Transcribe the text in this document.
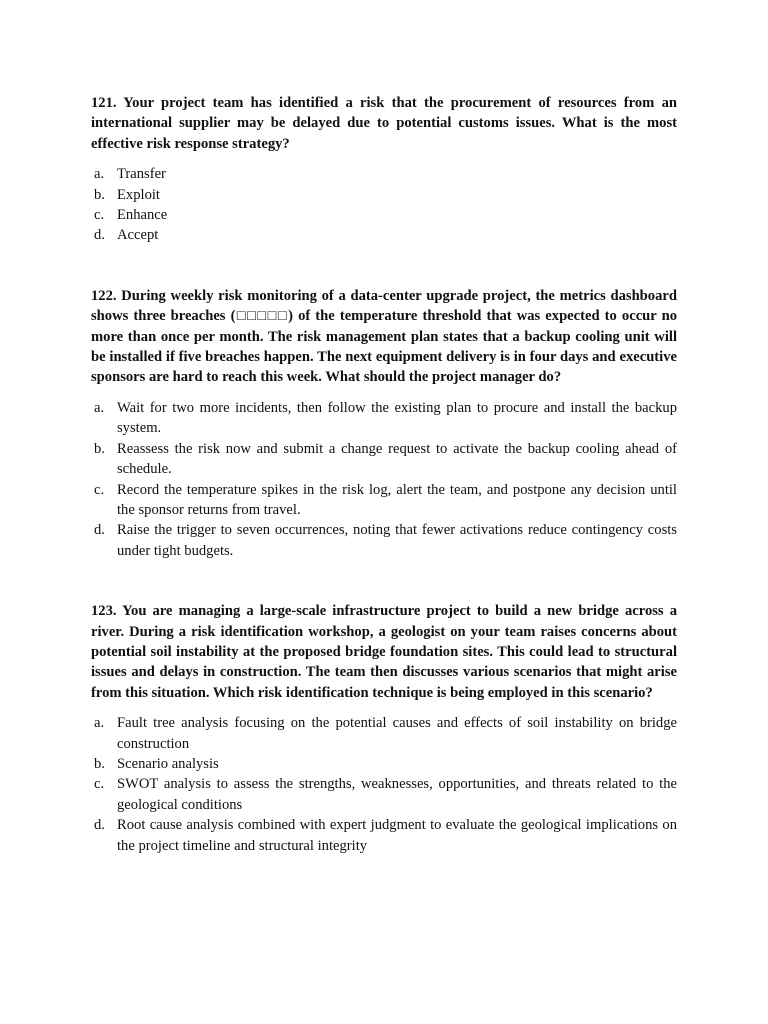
121. Your project team has identified a risk that the procurement of resources from an international supplier may be delayed due to potential customs issues. What is the most effective risk response strategy?

a. Transfer
b. Exploit
c. Enhance
d. Accept

122. During weekly risk monitoring of a data-center upgrade project, the metrics dashboard shows three breaches (□□□□□) of the temperature threshold that was expected to occur no more than once per month. The risk management plan states that a backup cooling unit will be installed if five breaches happen. The next equipment delivery is in four days and executive sponsors are hard to reach this week. What should the project manager do?

a. Wait for two more incidents, then follow the existing plan to procure and install the backup system.
b. Reassess the risk now and submit a change request to activate the backup cooling ahead of schedule.
c. Record the temperature spikes in the risk log, alert the team, and postpone any decision until the sponsor returns from travel.
d. Raise the trigger to seven occurrences, noting that fewer activations reduce contingency costs under tight budgets.

123. You are managing a large-scale infrastructure project to build a new bridge across a river. During a risk identification workshop, a geologist on your team raises concerns about potential soil instability at the proposed bridge foundation sites. This could lead to structural issues and delays in construction. The team then discusses various scenarios that might arise from this situation. Which risk identification technique is being employed in this scenario?

a. Fault tree analysis focusing on the potential causes and effects of soil instability on bridge construction
b. Scenario analysis
c. SWOT analysis to assess the strengths, weaknesses, opportunities, and threats related to the geological conditions
d. Root cause analysis combined with expert judgment to evaluate the geological implications on the project timeline and structural integrity
